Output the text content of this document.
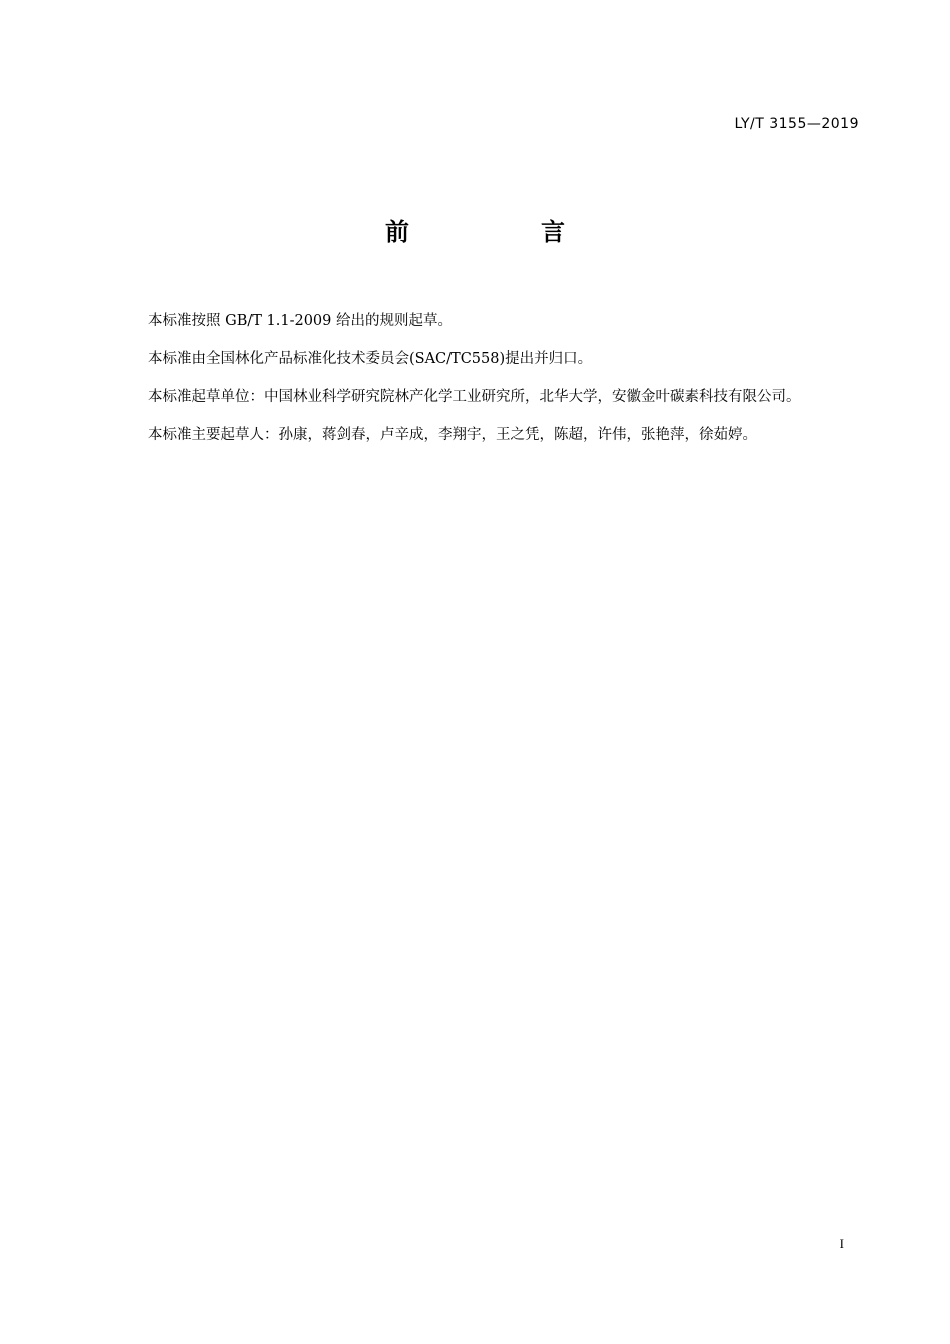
LY/T 3155—2019
前　言

本标准按照 GB/T 1.1-2009 给出的规则起草。

本标准由全国林化产品标准化技术委员会(SAC/TC558)提出并归口。

本标准起草单位：中国林业科学研究院林产化学工业研究所，北华大学，安徽金叶碳素科技有限公司。

本标准主要起草人：孙康，蒋剑春，卢辛成，李翔宇，王之凭，陈超，许伟，张艳萍，徐茹婷。

I
